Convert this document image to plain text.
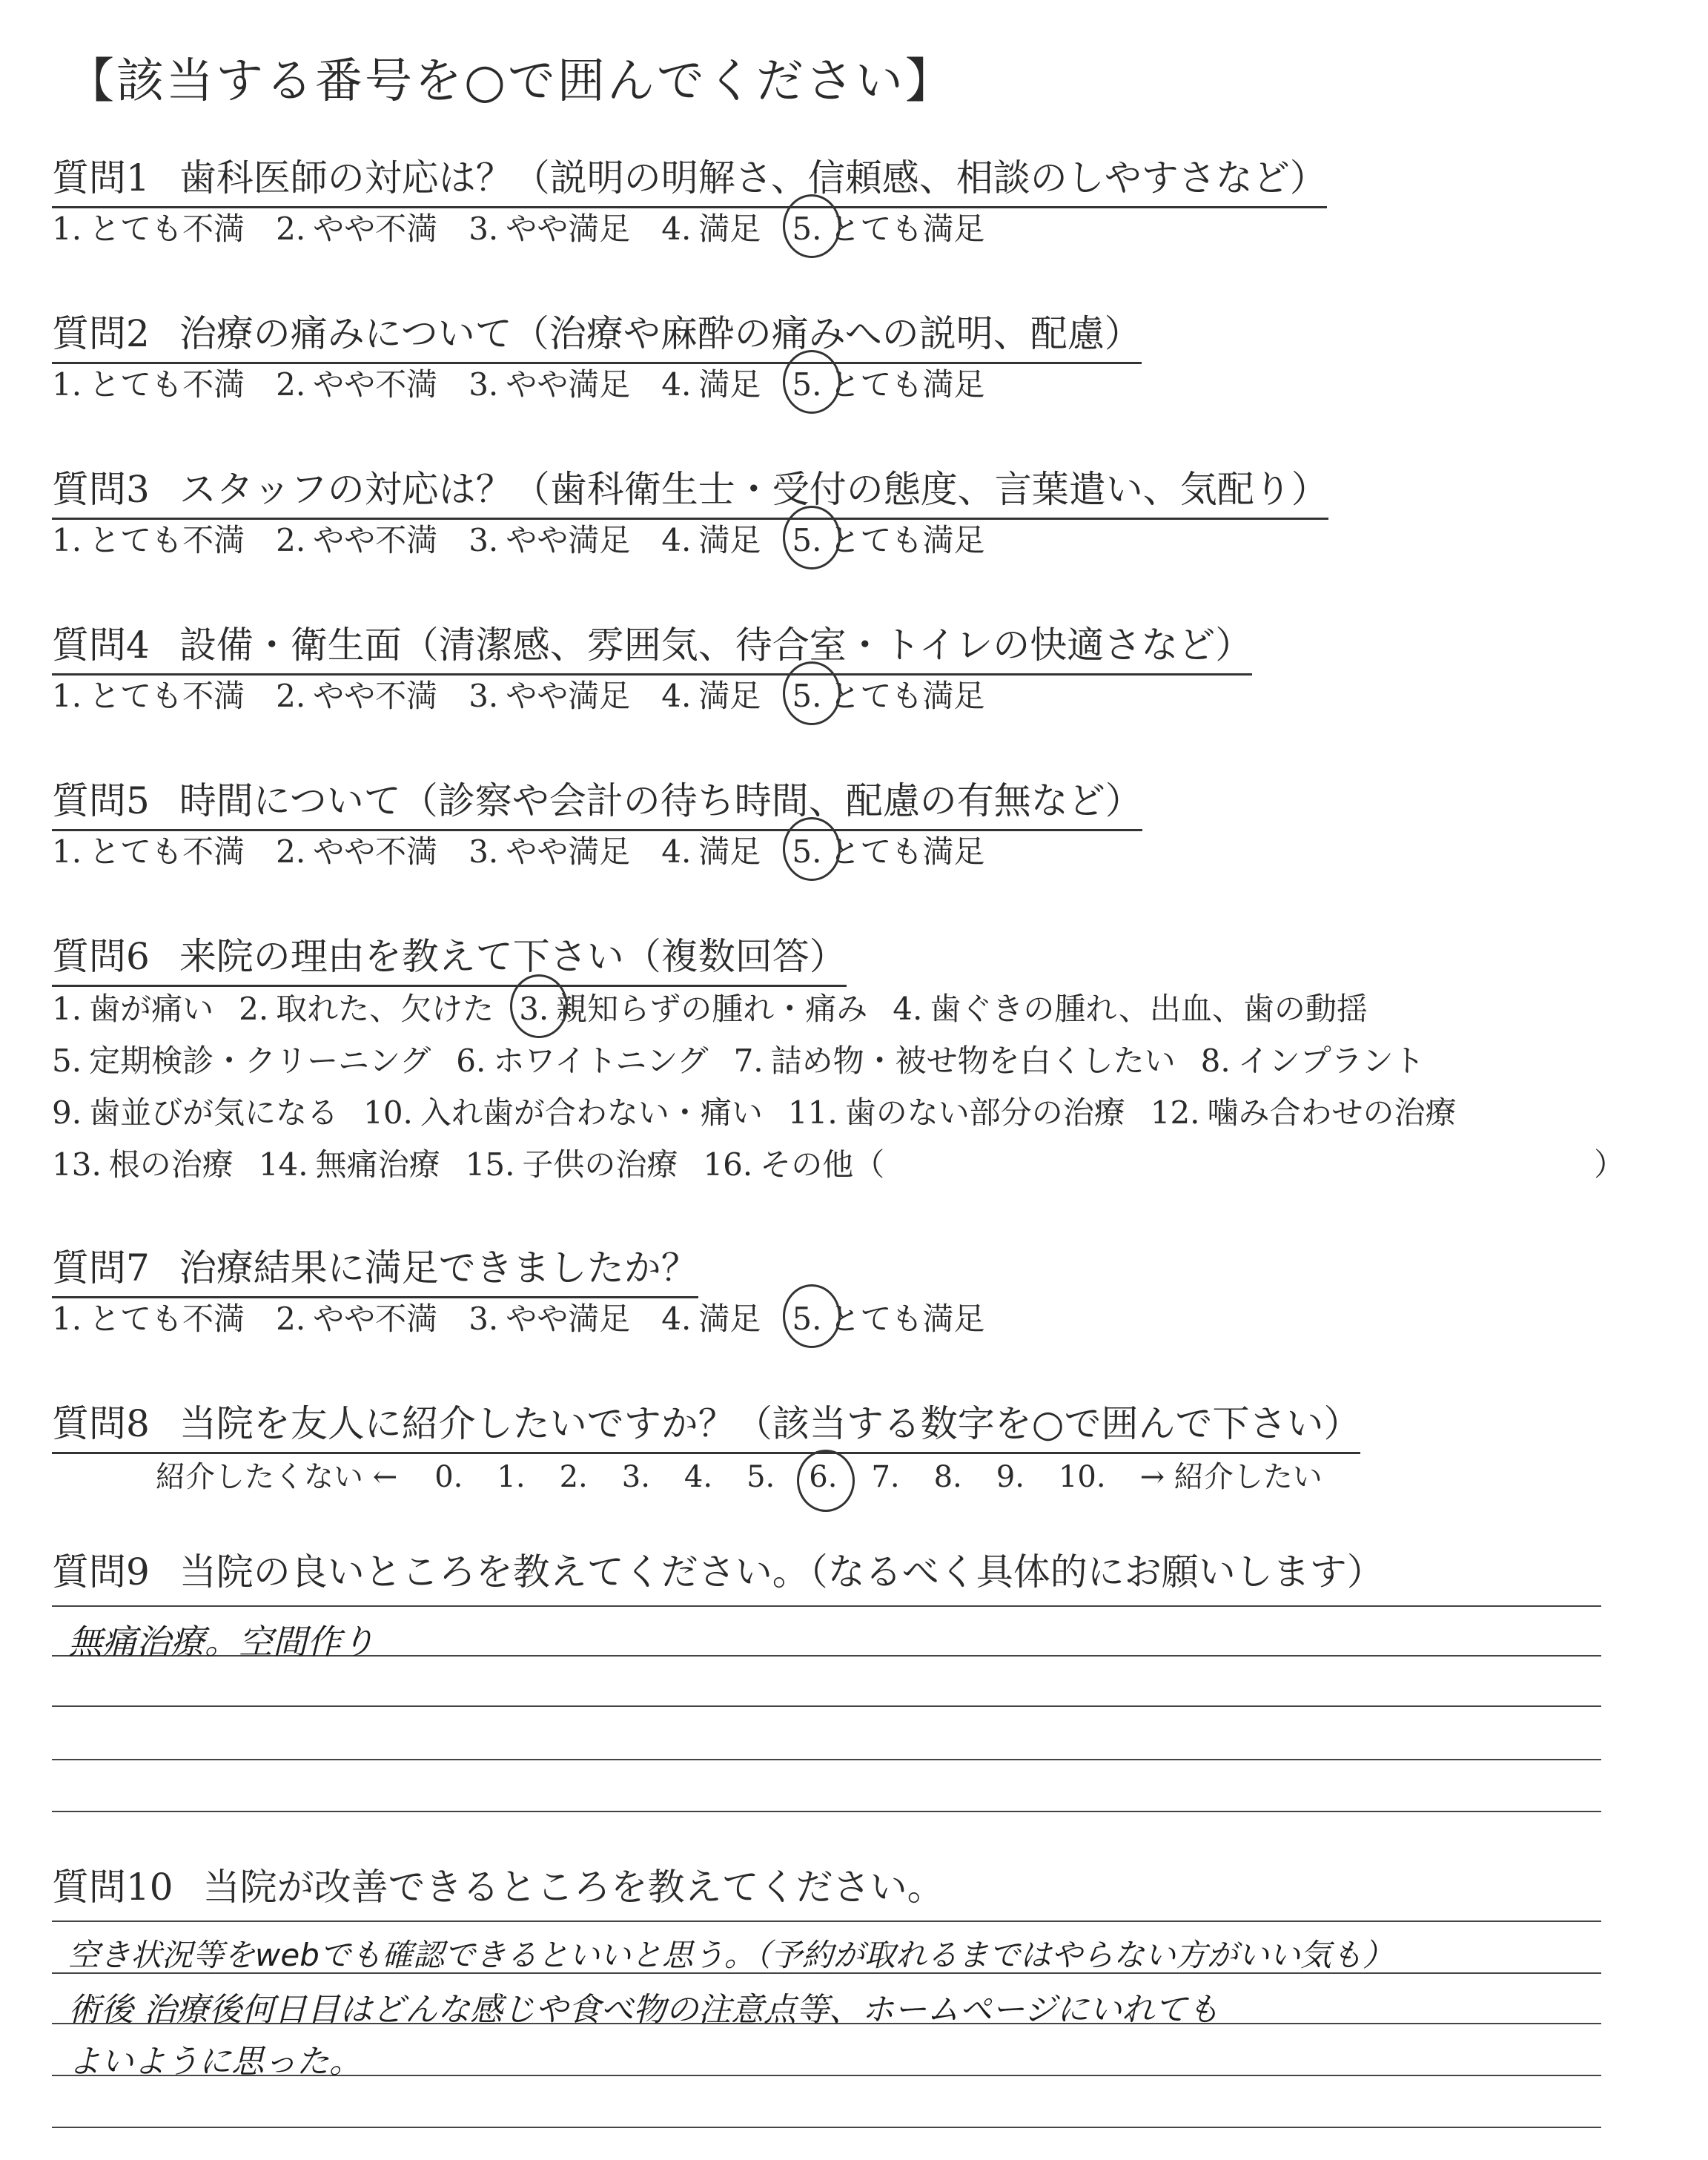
【該当する番号を○で囲んでください】
質問1 歯科医師の対応は？（説明の明解さ、信頼感、相談のしやすさなど）
1. とても不満 2. やや不満 3. やや満足 4. 満足 5. とても満足
質問2 治療の痛みについて（治療や麻酔の痛みへの説明、配慮）
1. とても不満 2. やや不満 3. やや満足 4. 満足 5. とても満足
質問3 スタッフの対応は？（歯科衛生士・受付の態度、言葉遣い、気配り）
1. とても不満 2. やや不満 3. やや満足 4. 満足 5. とても満足
質問4 設備・衛生面（清潔感、雰囲気、待合室・トイレの快適さなど）
1. とても不満 2. やや不満 3. やや満足 4. 満足 5. とても満足
質問5 時間について（診察や会計の待ち時間、配慮の有無など）
1. とても不満 2. やや不満 3. やや満足 4. 満足 5. とても満足
質問6 来院の理由を教えて下さい（複数回答）
1. 歯が痛い 2. 取れた、欠けた 3. 親知らずの腫れ・痛み 4. 歯ぐきの腫れ、出血、歯の動揺
5. 定期検診・クリーニング 6. ホワイトニング 7. 詰め物・被せ物を白くしたい 8. インプラント
9. 歯並びが気になる 10. 入れ歯が合わない・痛い 11. 歯のない部分の治療 12. 噛み合わせの治療
13. 根の治療 14. 無痛治療 15. 子供の治療 16. その他（	）
質問7 治療結果に満足できましたか？
1. とても不満 2. やや不満 3. やや満足 4. 満足 5. とても満足
質問8 当院を友人に紹介したいですか？（該当する数字を○で囲んで下さい）
紹介したくない ← 0. 1. 2. 3. 4. 5. 6. 7. 8. 9. 10. → 紹介したい
質問9 当院の良いところを教えてください。（なるべく具体的にお願いします）
無痛治療。空間作り
質問10 当院が改善できるところを教えてください。
空き状況等をwebでも確認できるといいと思う。（予約が取れるまではやらない方がいい気も）
術後 治療後何日目はどんな感じや食べ物の注意点等、ホームページにいれても
よいように思った。
